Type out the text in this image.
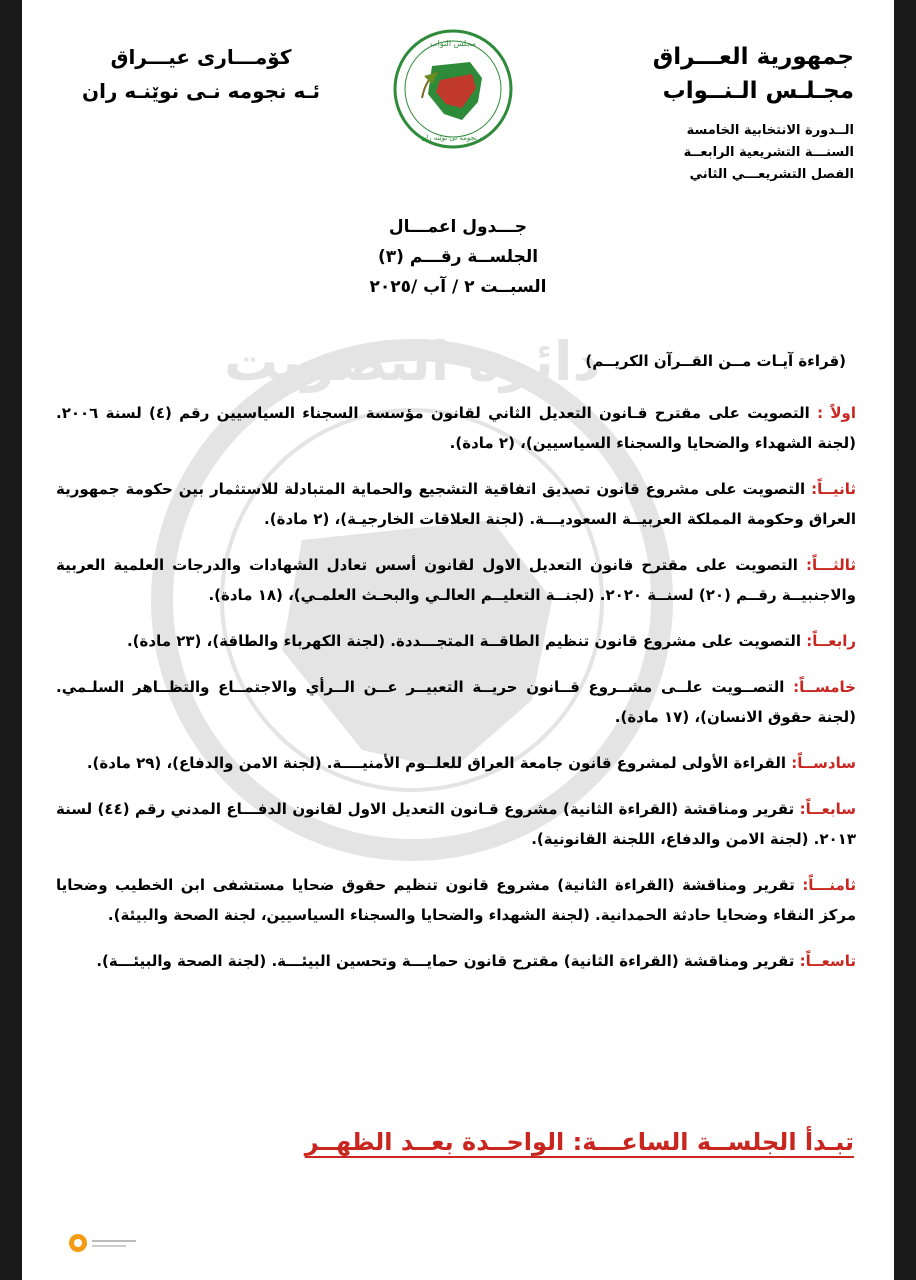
جمهورية العـــراق
مجـلـس الـنــواب
الــدورة الانتخابية الخامسة
السنـــة التشريعية الرابعــة
الفصل التشريعـــي الثاني
كۆمـــاری عيـــراق
ئـه نجومه نـی نوێنـه ران
مجلس النواب
ئه نجومه نی نوێنه ران
جـــدول اعمـــال
الجلســة رقـــم (٣)
السبــت ٢ / آب /٢٠٢٥
دائرة التصويت
(قراءة آيـات مــن القــرآن الكريــم)
اولاً : التصويت على مقترح قـانون التعديل الثاني لقانون مؤسسة السجناء السياسيين رقم (٤) لسنة ٢٠٠٦. (لجنة الشهداء والضحايا والسجناء السياسيين)، (٢ مادة).
ثانيــاً: التصويت على مشروع قانون تصديق اتفاقية التشجيع والحماية المتبادلة للاستثمار بين حكومة جمهورية العراق وحكومة المملكة العربيــة السعوديـــة. (لجنة العلاقات الخارجيـة)، (٢ مادة).
ثالثـــاً: التصويت على مقترح قانون التعديل الاول لقانون أسس تعادل الشهادات والدرجات العلمية العربية والاجنبيــة رقــم (٢٠) لسنــة ٢٠٢٠. (لجنــة التعليــم العالـي والبحـث العلمـي)، (١٨ مادة).
رابعــاً: التصويت على مشروع قانون تنظيم الطاقــة المتجـــددة. (لجنة الكهرباء والطاقة)، (٢٣ مادة).
خامســاً: التصــويت علــى مشــروع قــانون حريــة التعبيــر عــن الــرأي والاجتمــاع والتظــاهر السلـمي. (لجنة حقوق الانسان)، (١٧ مادة).
سادســاً: القراءة الأولى لمشروع قانون جامعة العراق للعلــوم الأمنيــــة. (لجنة الامن والدفاع)، (٢٩ مادة).
سابعــاً: تقرير ومناقشة (القراءة الثانية) مشروع قـانون التعديل الاول لقانون الدفـــاع المدني رقم (٤٤) لسنة ٢٠١٣. (لجنة الامن والدفاع، اللجنة القانونية).
ثامنـــاً: تقرير ومناقشة (القراءة الثانية) مشروع قانون تنظيم حقوق ضحايا مستشفى ابن الخطيب وضحايا مركز النقاء وضحايا حادثة الحمدانية. (لجنة الشهداء والضحايا والسجناء السياسيين، لجنة الصحة والبيئة).
تاسعــاً: تقرير ومناقشة (القراءة الثانية) مقترح قانون حمايـــة وتحسين البيئـــة. (لجنة الصحة والبيئـــة).
تبـدأ الجلســة الساعـــة: الواحــدة بعــد الظهــر
